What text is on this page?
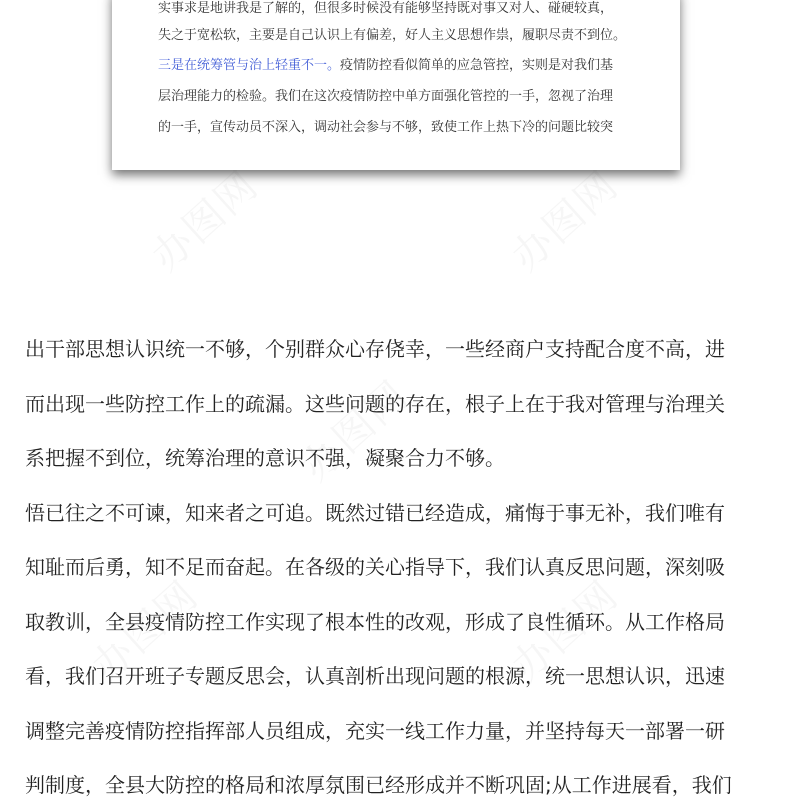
办图网	办图网
办图网
办图网	办图网
实事求是地讲我是了解的，但很多时候没有能够坚持既对事又对人、碰硬较真，
失之于宽松软，主要是自己认识上有偏差，好人主义思想作祟，履职尽责不到位。
三是在统筹管与治上轻重不一。疫情防控看似简单的应急管控，实则是对我们基
层治理能力的检验。我们在这次疫情防控中单方面强化管控的一手，忽视了治理
的一手，宣传动员不深入，调动社会参与不够，致使工作上热下冷的问题比较突
出干部思想认识统一不够，个别群众心存侥幸，一些经商户支持配合度不高，进
而出现一些防控工作上的疏漏。这些问题的存在，根子上在于我对管理与治理关
系把握不到位，统筹治理的意识不强，凝聚合力不够。
悟已往之不可谏，知来者之可追。既然过错已经造成，痛悔于事无补，我们唯有
知耻而后勇，知不足而奋起。在各级的关心指导下，我们认真反思问题，深刻吸
取教训，全县疫情防控工作实现了根本性的改观，形成了良性循环。从工作格局
看，我们召开班子专题反思会，认真剖析出现问题的根源，统一思想认识，迅速
调整完善疫情防控指挥部人员组成，充实一线工作力量，并坚持每天一部署一研
判制度，全县大防控的格局和浓厚氛围已经形成并不断巩固;从工作进展看，我们
